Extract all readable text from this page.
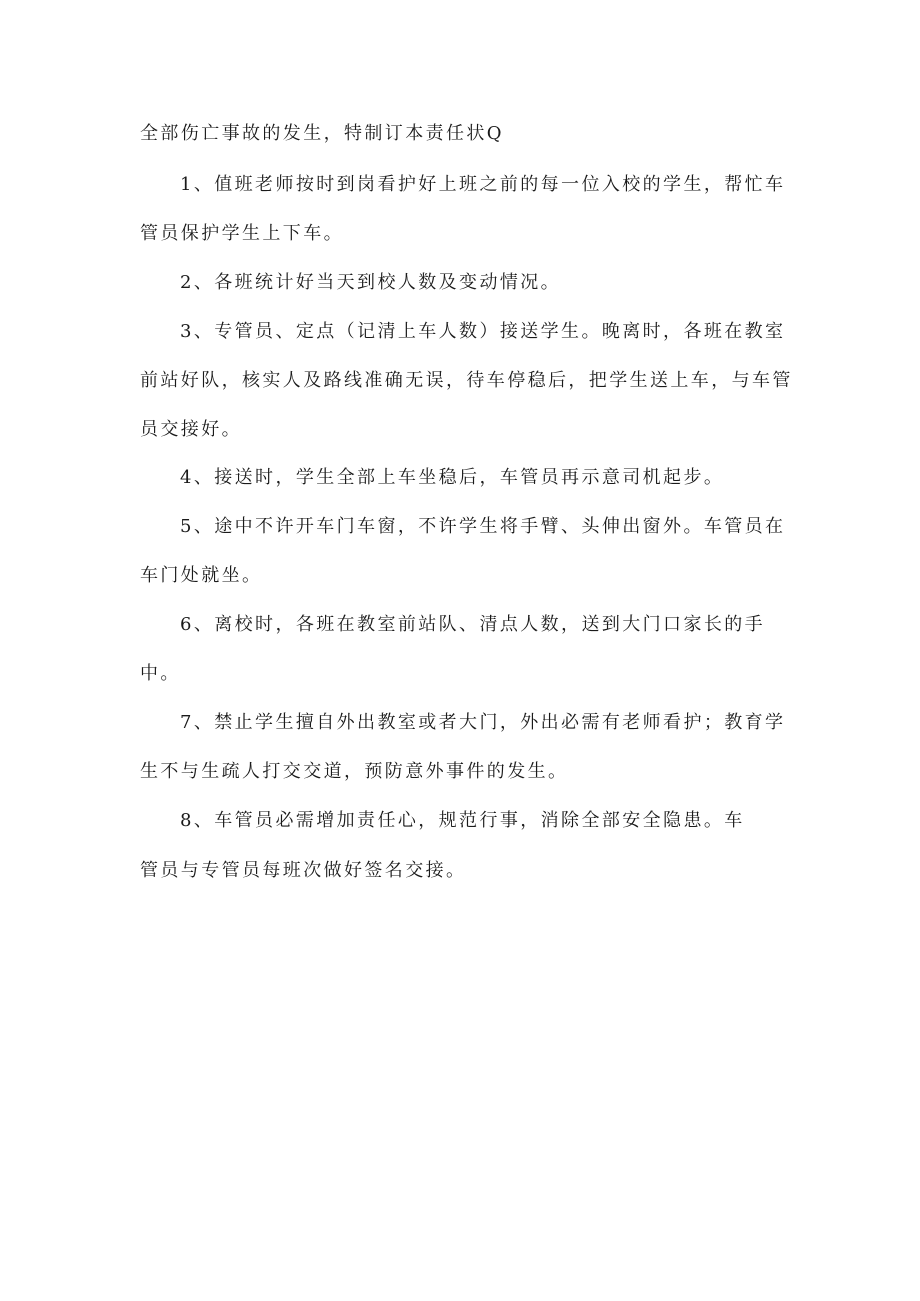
全部伤亡事故的发生，特制订本责任状Q
1、值班老师按时到岗看护好上班之前的每一位入校的学生，帮忙车
管员保护学生上下车。
2、各班统计好当天到校人数及变动情况。
3、专管员、定点（记清上车人数）接送学生。晚离时，各班在教室
前站好队，核实人及路线准确无误，待车停稳后，把学生送上车，与车管
员交接好。
4、接送时，学生全部上车坐稳后，车管员再示意司机起步。
5、途中不许开车门车窗，不许学生将手臂、头伸出窗外。车管员在
车门处就坐。
6、离校时，各班在教室前站队、清点人数，送到大门口家长的手
中。
7、禁止学生擅自外出教室或者大门，外出必需有老师看护；教育学
生不与生疏人打交交道，预防意外事件的发生。
8、车管员必需增加责任心，规范行事，消除全部安全隐患。车
管员与专管员每班次做好签名交接。
